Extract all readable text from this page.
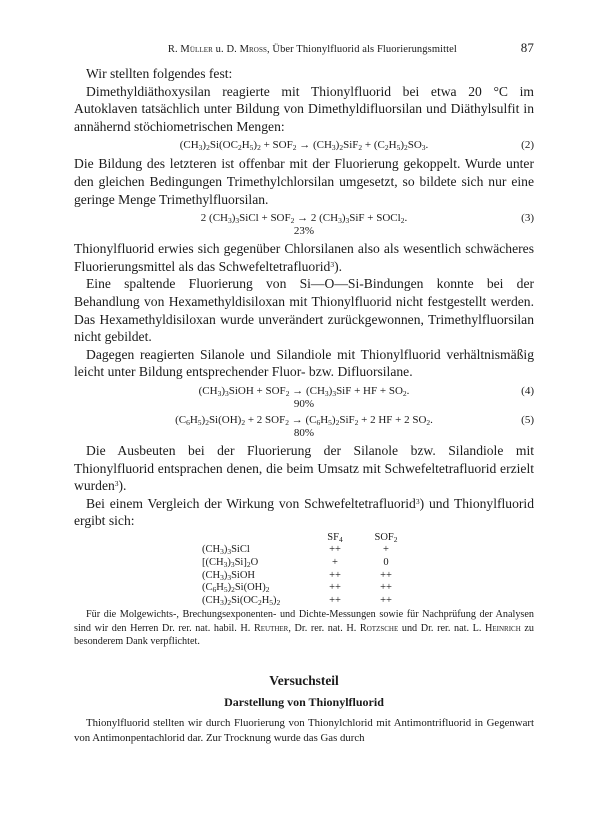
R. Müller u. D. Mross, Über Thionylfluorid als Fluorierungsmittel	87

Wir stellten folgendes fest:

Dimethyldiäthoxysilan reagierte mit Thionylfluorid bei etwa 20 °C im Autoklaven tatsächlich unter Bildung von Dimethyldifluorsilan und Diäthylsulfit in annähernd stöchiometrischen Mengen:

$(CH_3)_2Si(OC_2H_5)_2 + SOF_2 \to (CH_3)_2SiF_2 + (C_2H_5)_2SO_3$.	(2)

Die Bildung des letzteren ist offenbar mit der Fluorierung gekoppelt. Wurde unter den gleichen Bedingungen Trimethylchlorsilan umgesetzt, so bildete sich nur eine geringe Menge Trimethylfluorsilan.

2 $(CH_3)_3SiCl + SOF_2 \to 2$ $(CH_3)_3SiF$ + SOCl$_2$.	(3)
23%

Thionylfluorid erwies sich gegenüber Chlorsilanen also als wesentlich schwächeres Fluorierungsmittel als das Schwefeltetrafluorid$^3$).

Eine spaltende Fluorierung von Si—O—Si-Bindungen konnte bei der Behandlung von Hexamethyldisiloxan mit Thionylfluorid nicht festgestellt werden. Das Hexamethyldisiloxan wurde unverändert zurückgewonnen, Trimethylfluorsilan nicht gebildet.

Dagegen reagierten Silanole und Silandiole mit Thionylfluorid verhältnismäßig leicht unter Bildung entsprechender Fluor- bzw. Difluorsilane.

$(CH_3)_3SiOH + SOF_2 \to (CH_3)_3SiF$ + HF + $SO_2$.	(4)
90%
$(C_6H_5)_2Si(OH)_2 + 2$ $SOF_2 \to (C_6H_5)_2SiF_2 + 2$ HF + 2 $SO_2$.	(5)
80%

Die Ausbeuten bei der Fluorierung der Silanole bzw. Silandiole mit Thionylfluorid entsprachen denen, die beim Umsatz mit Schwefeltetrafluorid erzielt wurden$^3$).

Bei einem Vergleich der Wirkung von Schwefeltetrafluorid$^3$) und Thionylfluorid ergibt sich:

	$SF_4$	$SOF_2$
$(CH_3)_3SiCl$	++	+
$[(CH_3)_3Si]_2O$	+	0
$(CH_3)_3SiOH$	++	++
$(C_6H_5)_2Si(OH)_2$	++	++
$(CH_3)_2Si(OC_2H_5)_2$	++	++

Für die Molgewichts-, Brechungsexponenten- und Dichte-Messungen sowie für Nachprüfung der Analysen sind wir den Herren Dr. rer. nat. habil. H. Reuther, Dr. rer. nat. H. Rotzsche und Dr. rer. nat. L. Heinrich zu besonderem Dank verpflichtet.

Versuchsteil
Darstellung von Thionylfluorid

Thionylfluorid stellten wir durch Fluorierung von Thionylchlorid mit Antimontrifluorid in Gegenwart von Antimonpentachlorid dar. Zur Trocknung wurde das Gas durch
